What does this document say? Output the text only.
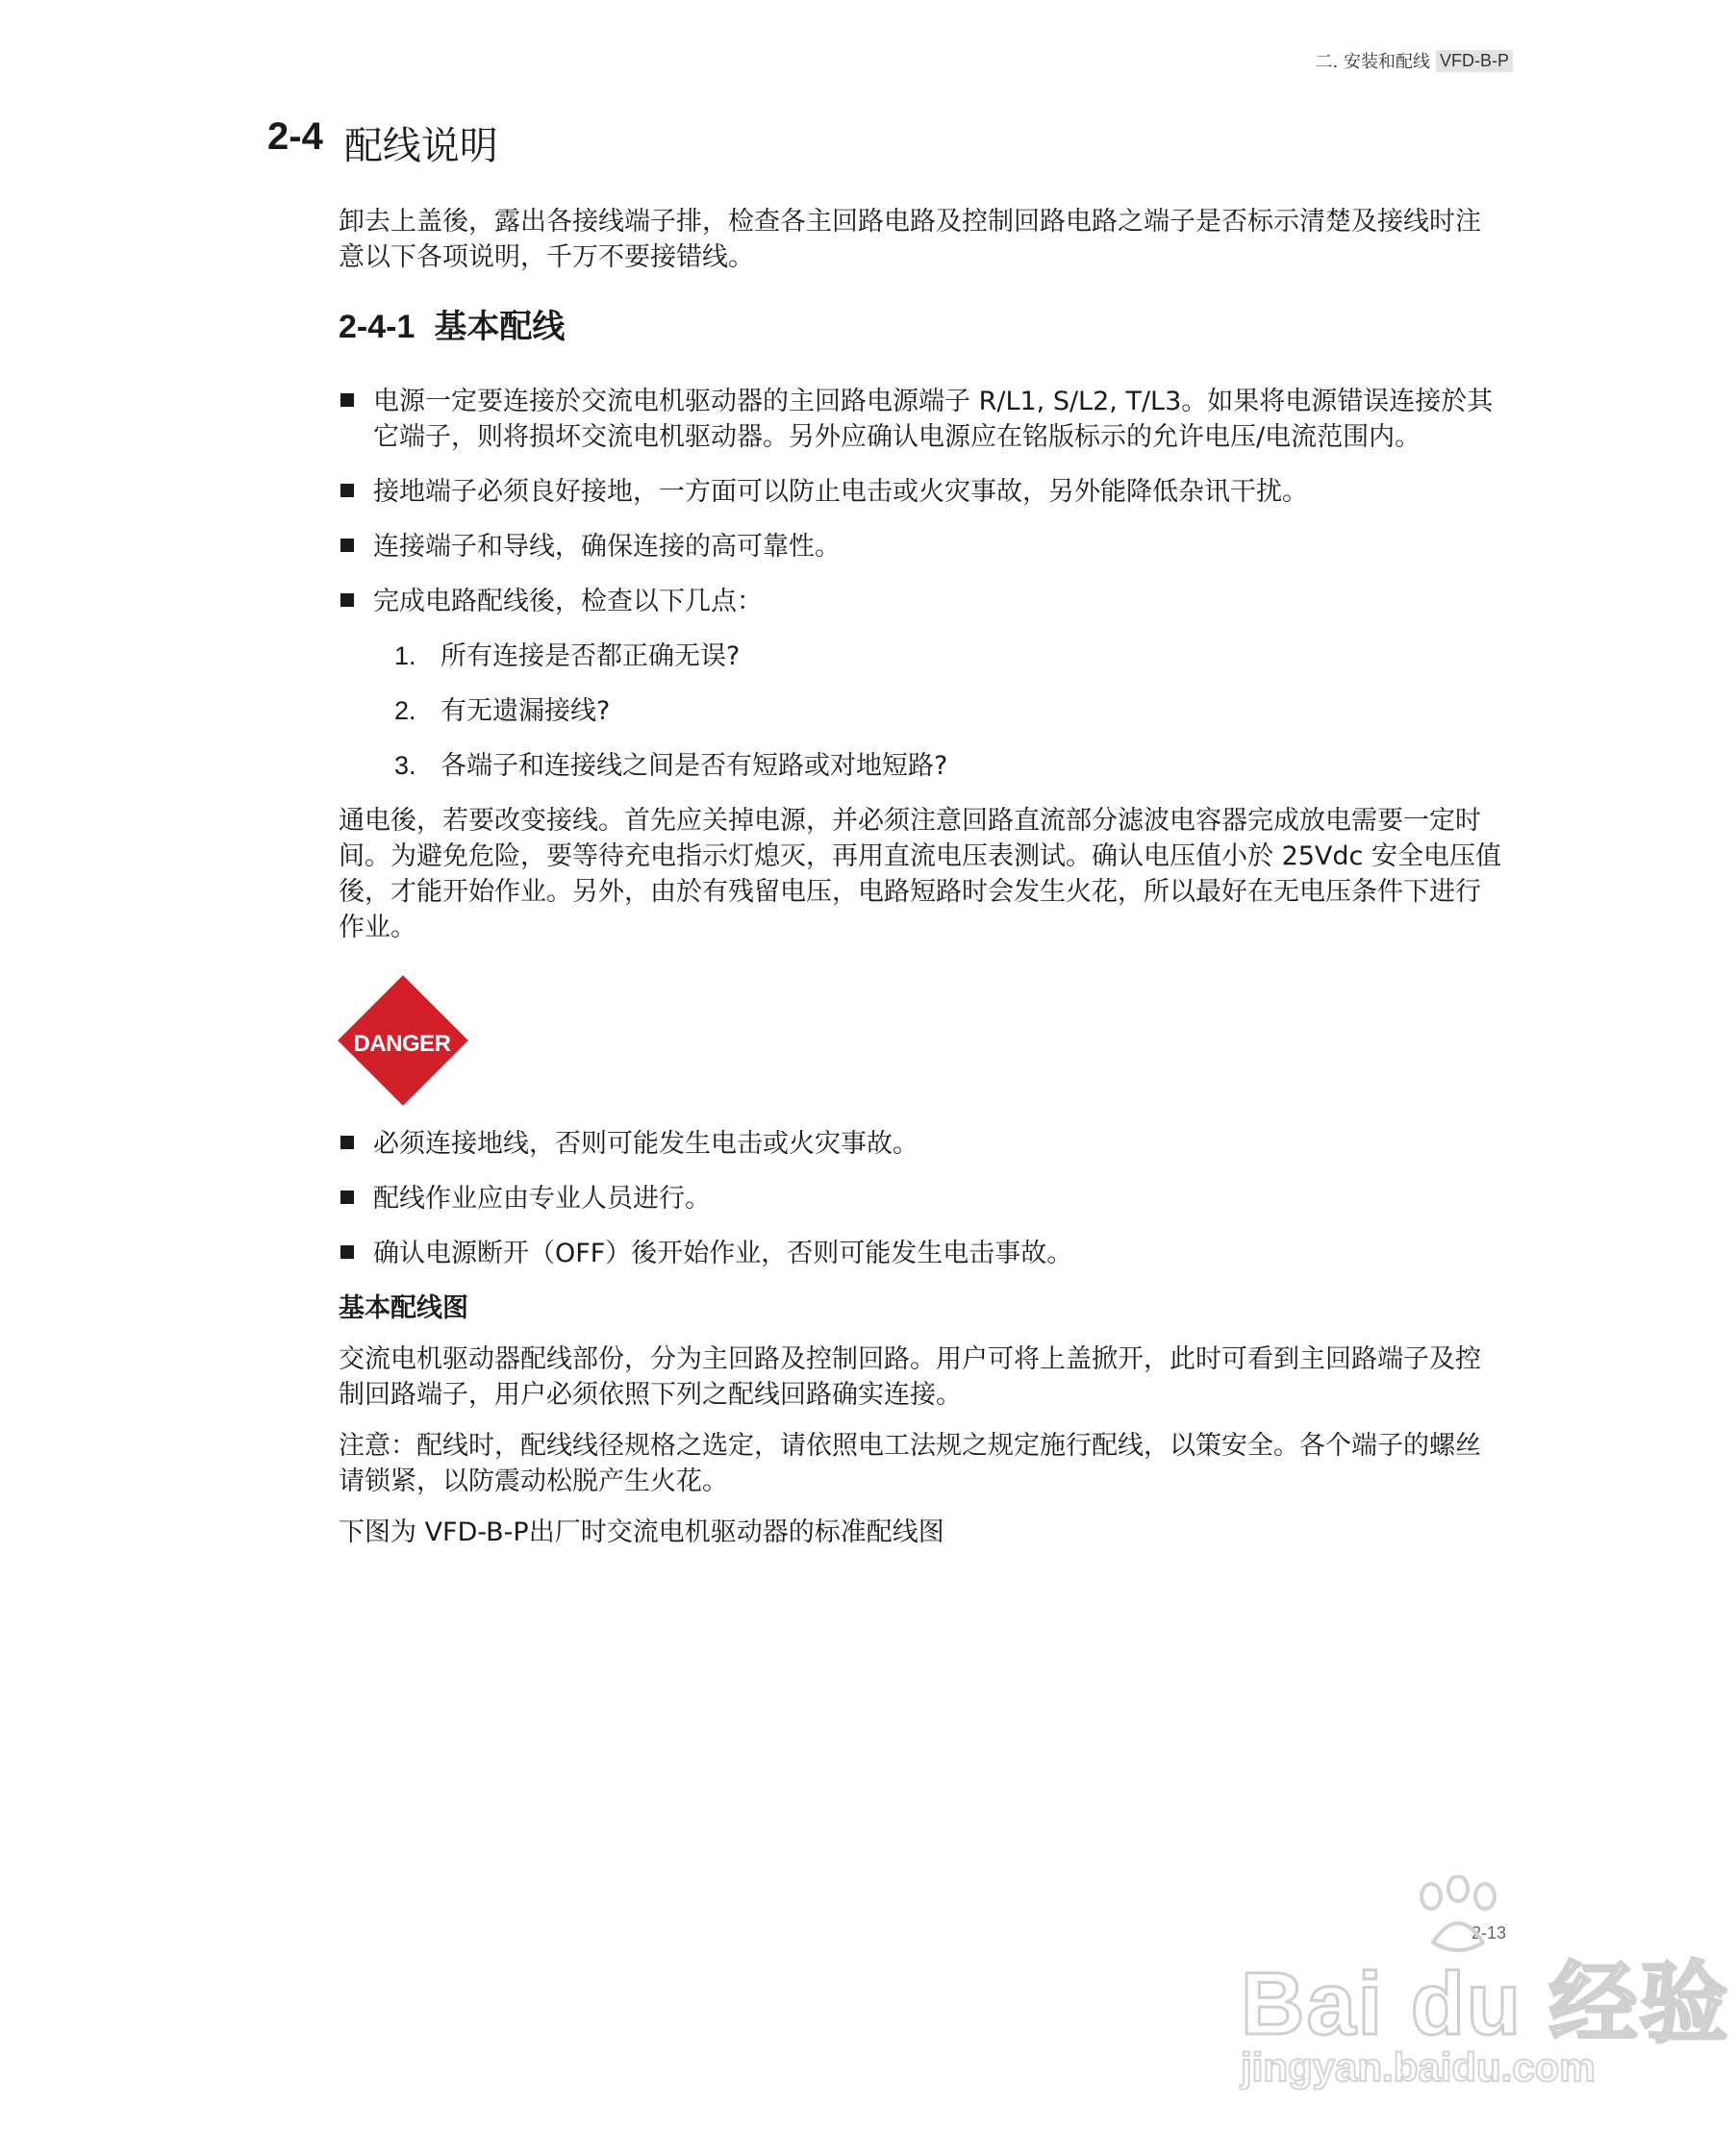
二. 安装和配线 VFD-B-P
2-4 配线说明

卸去上盖後，露出各接线端子排，检查各主回路电路及控制回路电路之端子是否标示清楚及接线时注意以下各项说明，千万不要接错线。

2-4-1 基本配线
电源一定要连接於交流电机驱动器的主回路电源端子 R/L1, S/L2, T/L3。如果将电源错误连接於其它端子，则将损坏交流电机驱动器。另外应确认电源应在铭版标示的允许电压/电流范围内。
接地端子必须良好接地，一方面可以防止电击或火灾事故，另外能降低杂讯干扰。
连接端子和导线，确保连接的高可靠性。
完成电路配线後，检查以下几点：
1. 所有连接是否都正确无误?
2. 有无遗漏接线?
3. 各端子和连接线之间是否有短路或对地短路?

通电後，若要改变接线。首先应关掉电源，并必须注意回路直流部分滤波电容器完成放电需要一定时间。为避免危险，要等待充电指示灯熄灭，再用直流电压表测试。确认电压值小於 25Vdc 安全电压值後，才能开始作业。另外，由於有残留电压，电路短路时会发生火花，所以最好在无电压条件下进行作业。

DANGER
必须连接地线，否则可能发生电击或火灾事故。
配线作业应由专业人员进行。
确认电源断开（OFF）後开始作业，否则可能发生电击事故。

基本配线图

交流电机驱动器配线部份，分为主回路及控制回路。用户可将上盖掀开，此时可看到主回路端子及控制回路端子，用户必须依照下列之配线回路确实连接。

注意：配线时，配线线径规格之选定，请依照电工法规之规定施行配线，以策安全。各个端子的螺丝请锁紧，以防震动松脱产生火花。

下图为 VFD-B-P出厂时交流电机驱动器的标准配线图

2-13
Bai du 经验
jingyan.baidu.com
